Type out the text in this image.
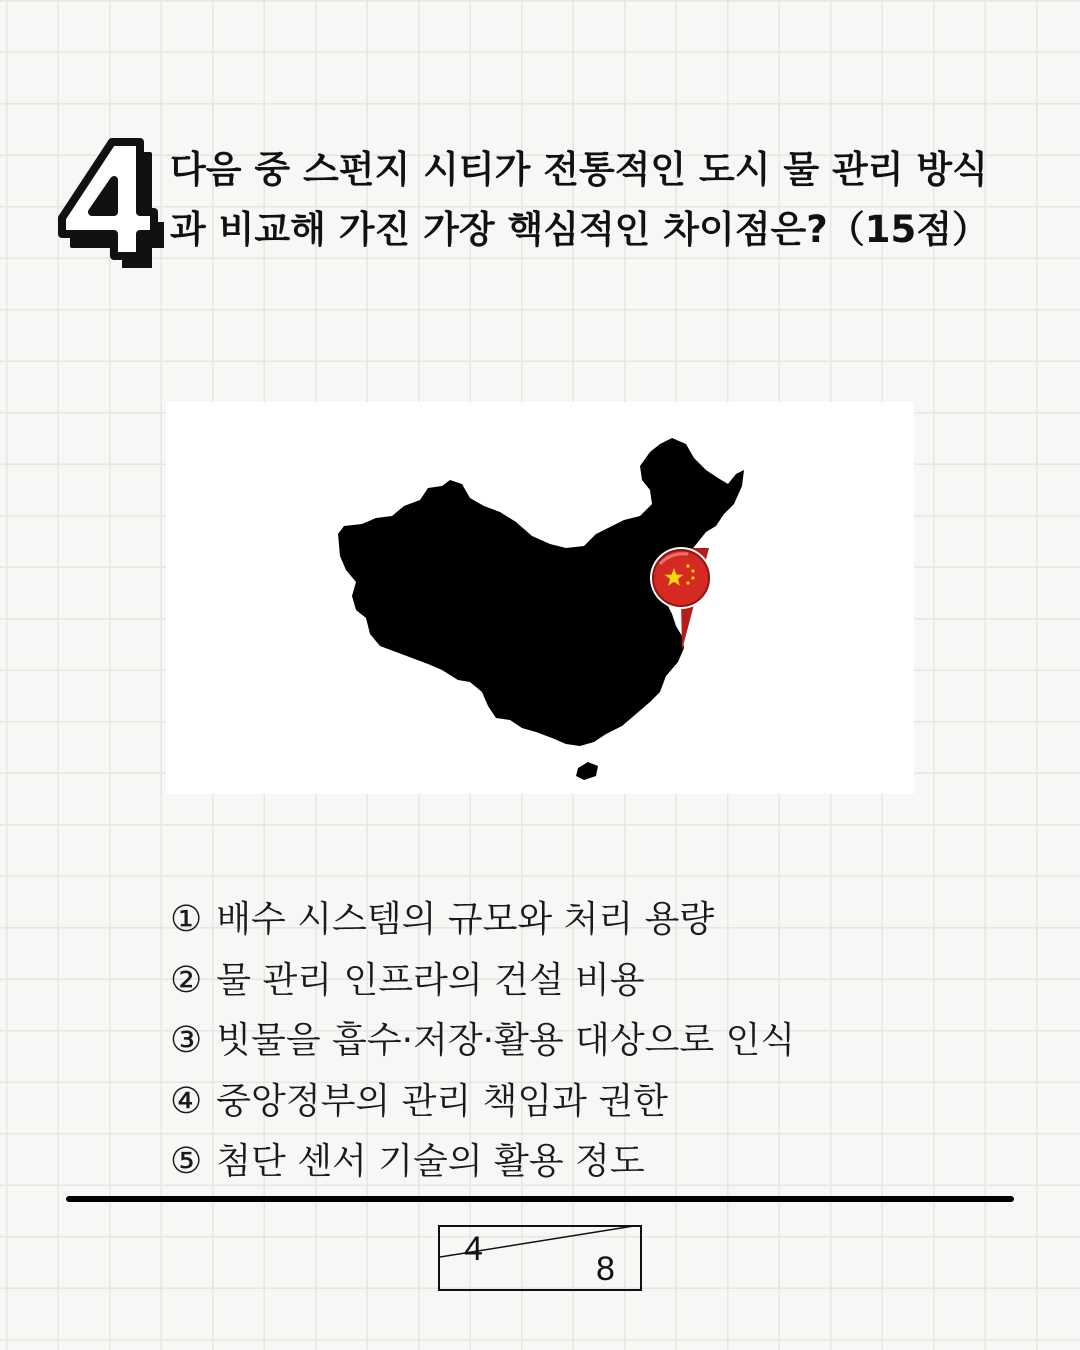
4

다음 중 스펀지 시티가 전통적인 도시 물 관리 방식과 비교해 가진 가장 핵심적인 차이점은?（15점）

① 배수 시스템의 규모와 처리 용량
② 물 관리 인프라의 건설 비용
③ 빗물을 흡수·저장·활용 대상으로 인식
④ 중앙정부의 관리 책임과 권한
⑤ 첨단 센서 기술의 활용 정도
4
8
